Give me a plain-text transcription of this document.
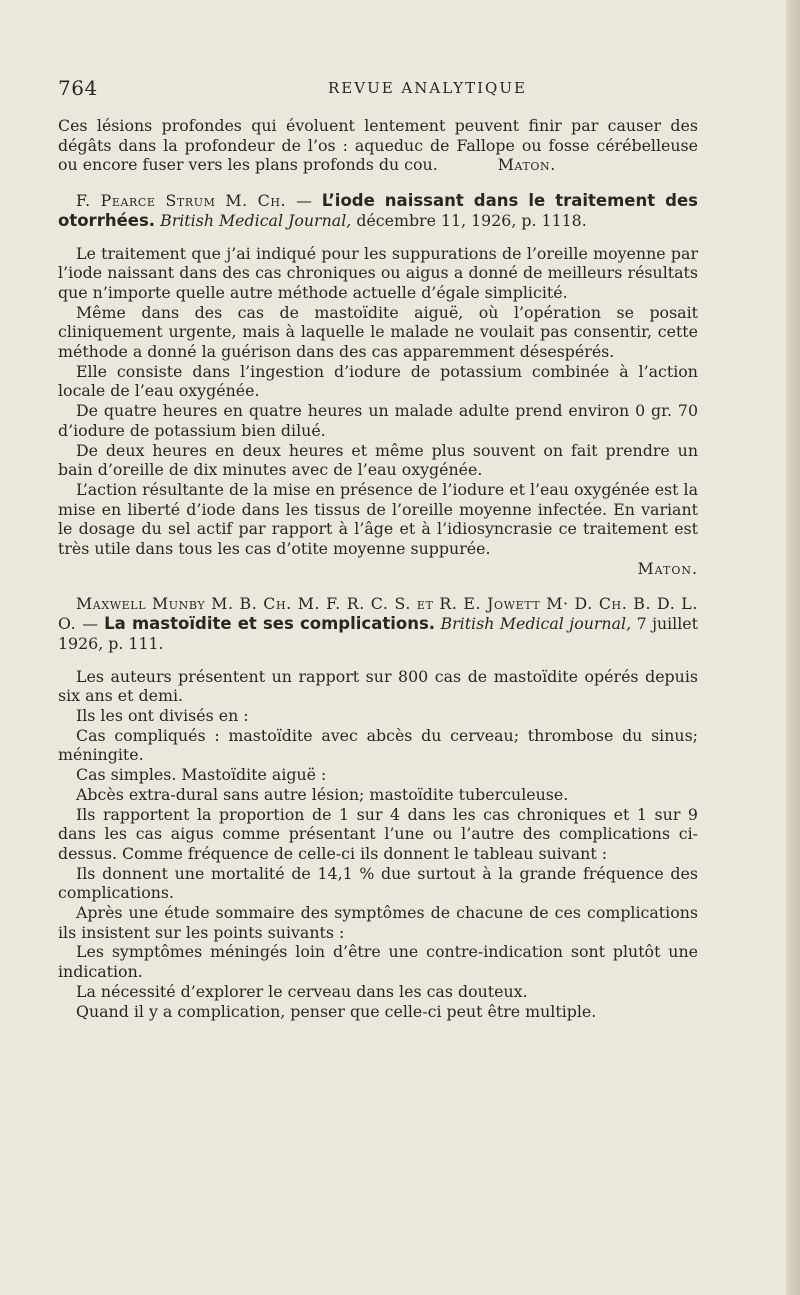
764	REVUE ANALYTIQUE

Ces lésions profondes qui évoluent lentement peuvent finir par causer des dégâts dans la profondeur de l’os : aqueduc de Fallope ou fosse cérébelleuse ou encore fuser vers les plans profonds du cou.	Maton.

F. Pearce Strum M. Ch. — L’iode naissant dans le traitement des otorrhées. British Medical Journal, décembre 11, 1926, p. 1118.

Le traitement que j’ai indiqué pour les suppurations de l’oreille moyenne par l’iode naissant dans des cas chroniques ou aigus a donné de meilleurs résultats que n’importe quelle autre méthode actuelle d’égale simplicité.

Même dans des cas de mastoïdite aiguë, où l’opération se posait cliniquement urgente, mais à laquelle le malade ne voulait pas consentir, cette méthode a donné la guérison dans des cas apparemment désespérés.

Elle consiste dans l’ingestion d’iodure de potassium combinée à l’action locale de l’eau oxygénée.

De quatre heures en quatre heures un malade adulte prend environ 0 gr. 70 d’iodure de potassium bien dilué.

De deux heures en deux heures et même plus souvent on fait prendre un bain d’oreille de dix minutes avec de l’eau oxygénée.

L’action résultante de la mise en présence de l’iodure et l’eau oxygénée est la mise en liberté d’iode dans les tissus de l’oreille moyenne infectée. En variant le dosage du sel actif par rapport à l’âge et à l’idiosyncrasie ce traitement est très utile dans tous les cas d’otite moyenne suppurée.

Maton.

Maxwell Munby M. B. Ch. M. F. R. C. S. et R. E. Jowett M· D. Ch. B. D. L. O. — La mastoïdite et ses complications. British Medical journal, 7 juillet 1926, p. 111.

Les auteurs présentent un rapport sur 800 cas de mastoïdite opérés depuis six ans et demi.

Ils les ont divisés en :

Cas compliqués : mastoïdite avec abcès du cerveau; thrombose du sinus; méningite.

Cas simples. Mastoïdite aiguë :

Abcès extra-dural sans autre lésion; mastoïdite tuberculeuse.

Ils rapportent la proportion de 1 sur 4 dans les cas chroniques et 1 sur 9 dans les cas aigus comme présentant l’une ou l’autre des complications ci-dessus. Comme fréquence de celle-ci ils donnent le tableau suivant :

Ils donnent une mortalité de 14,1 % due surtout à la grande fréquence des complications.

Après une étude sommaire des symptômes de chacune de ces complications ils insistent sur les points suivants :

Les symptômes méningés loin d’être une contre-indication sont plutôt une indication.

La nécessité d’explorer le cerveau dans les cas douteux.

Quand il y a complication, penser que celle-ci peut être multiple.
